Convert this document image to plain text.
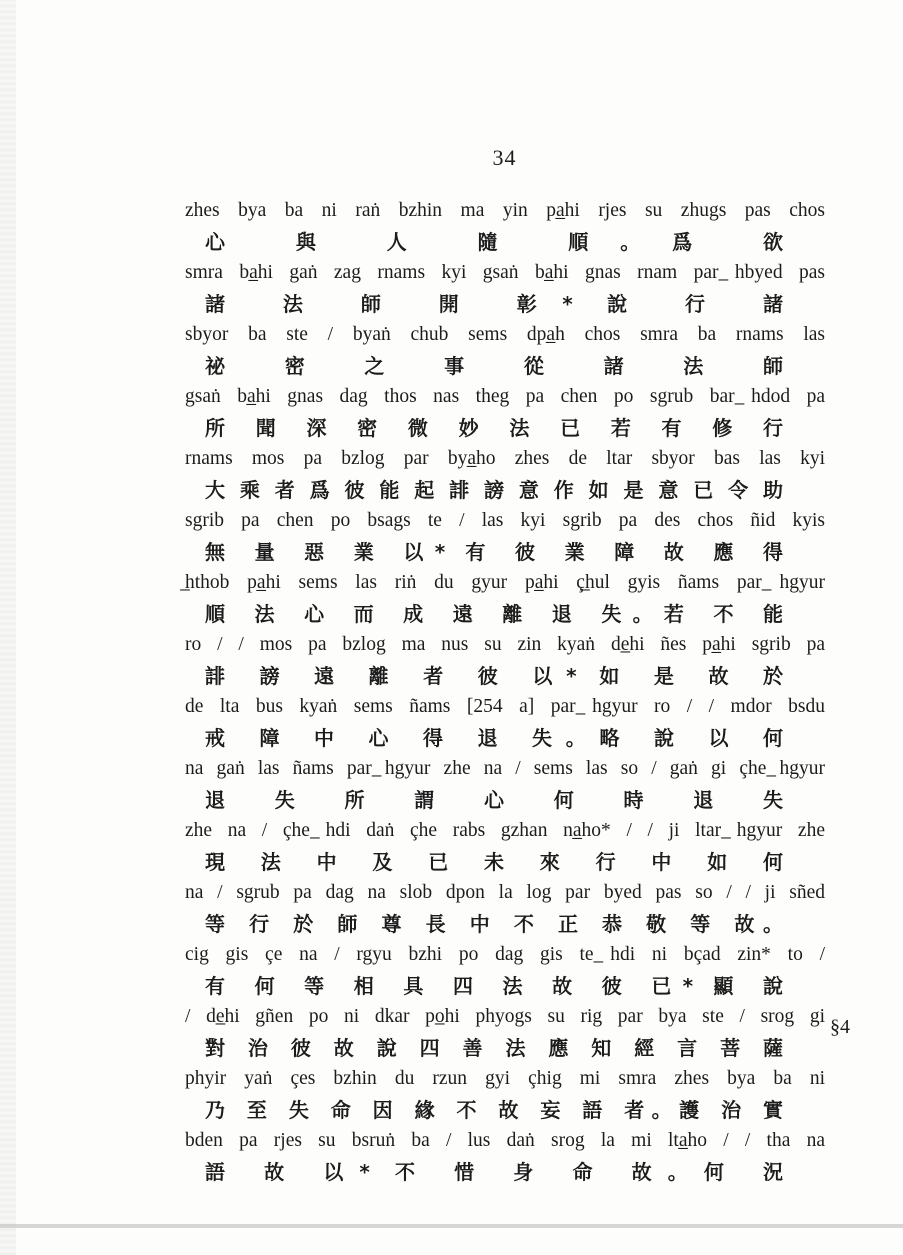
34
zhes bya ba ni raṅ bzhin ma yin pa̲hi rjes su zhugs pas chos
心 與 人 隨 順。爲 欲
smra ba̲hi gaṅ zag rnams kyi gsaṅ ba̲hi gnas rnam par ̲hbyed pas
諸 法 師 開 彰* 說 行 諸
sbyor ba ste / byaṅ chub sems dpa̲h chos smra ba rnams las
祕 密 之 事 從 諸 法 師
gsaṅ ba̲hi gnas dag thos nas theg pa chen po sgrub bar ̲hdod pa
所 聞 深 密 微 妙 法 已 若 有 修 行
rnams mos pa bzlog par bya̲ho zhes de ltar sbyor bas las kyi
大 乘 者 爲 彼 能 起 誹 謗 意 作 如 是 意 已 令 助
sgrib pa chen po bsags te / las kyi sgrib pa des chos ñid kyis
無 量 惡 業 以* 有 彼 業 障 故 應 得
̲hthob pa̲hi sems las riṅ du gyur pa̲hi ç̲hul gyis ñams par ̲hgyur
順 法 心 而 成 遠 離 退 失。若 不 能
ro / / mos pa bzlog ma nus su zin kyaṅ de̲hi ñes pa̲hi sgrib pa
誹 謗 遠 離 者 彼 以* 如 是 故 於
de lta bus kyaṅ sems ñams [254 a] par ̲hgyur ro / / mdor bsdu
戒 障 中 心 得 退 失。略 說 以 何
na gaṅ las ñams par ̲hgyur zhe na / sems las so / gaṅ gi çhe ̲hgyur
退 失 所 謂 心 何 時 退 失
zhe na / çhe ̲hdi daṅ çhe rabs gzhan na̲ho* / / ji ltar ̲hgyur zhe
現 法 中 及 已 未 來 行 中 如 何
na / sgrub pa dag na slob dpon la log par byed pas so / / ji sñed
等 行 於 師 尊 長 中 不 正 恭 敬 等 故。
cig gis çe na / rgyu bzhi po dag gis te ̲hdi ni bçad zin* to /
有 何 等 相 具 四 法 故 彼 已* 顯 說
/ de̲hi gñen po ni dkar po̲hi phyogs su rig par bya ste / srog gi
對 治 彼 故 說 四 善 法 應 知 經 言 菩 薩
phyir yaṅ çes bzhin du rzun gyi çhig mi smra zhes bya ba ni
乃 至 失 命 因 緣 不 故 妄 語 者。護 治 實
bden pa rjes su bsruṅ ba / lus daṅ srog la mi lta̲ho / / tha na
語 故 以* 不 惜 身 命 故。何 況
§4
